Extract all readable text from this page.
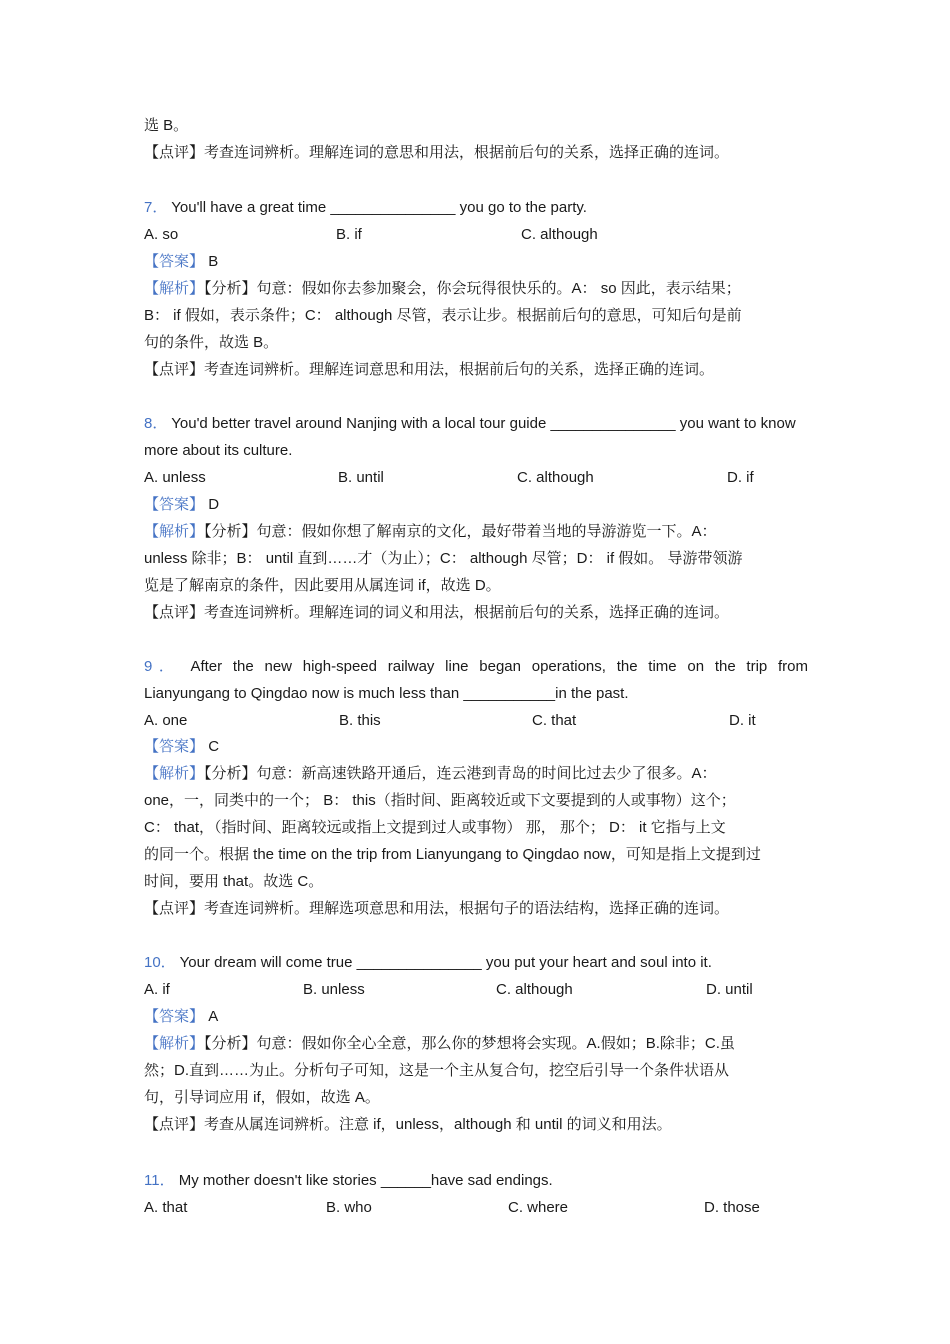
选 B。
【点评】考查连词辨析。理解连词的意思和用法，根据前后句的关系，选择正确的连词。
7． You'll have a great time _______________ you go to the party.
A. so	B. if	C. although
【答案】 B
【解析】【分析】句意：假如你去参加聚会，你会玩得很快乐的。A： so 因此，表示结果；
B： if 假如，表示条件；C： although 尽管，表示让步。根据前后句的意思，可知后句是前
句的条件，故选 B。
【点评】考查连词辨析。理解连词意思和用法，根据前后句的关系，选择正确的连词。
8． You'd better travel around Nanjing with a local tour guide _______________ you want to know
more about its culture.
A. unless	B. until	C. although	D. if
【答案】 D
【解析】【分析】句意：假如你想了解南京的文化，最好带着当地的导游游览一下。A：
unless 除非；B： until 直到……才（为止）；C： although 尽管；D： if 假如。 导游带领游
览是了解南京的条件，因此要用从属连词 if，故选 D。
【点评】考查连词辨析。理解连词的词义和用法，根据前后句的关系，选择正确的连词。
9． After the new high-speed railway line began operations, the time on the trip from
Lianyungang to Qingdao now is much less than ___________in the past.
A. one	B. this	C. that	D. it
【答案】 C
【解析】【分析】句意：新高速铁路开通后，连云港到青岛的时间比过去少了很多。A：
one，一，同类中的一个； B： this（指时间、距离较近或下文要提到的人或事物）这个；
C： that，（指时间、距离较远或指上文提到过人或事物） 那， 那个； D： it 它指与上文
的同一个。根据 the time on the trip from Lianyungang to Qingdao now，可知是指上文提到过
时间，要用 that。故选 C。
【点评】考查连词辨析。理解选项意思和用法，根据句子的语法结构，选择正确的连词。
10． Your dream will come true _______________ you put your heart and soul into it.
A. if	B. unless	C. although	D. until
【答案】 A
【解析】【分析】句意：假如你全心全意，那么你的梦想将会实现。A.假如；B.除非；C.虽
然；D.直到……为止。分析句子可知，这是一个主从复合句，挖空后引导一个条件状语从
句，引导词应用 if，假如，故选 A。
【点评】考查从属连词辨析。注意 if，unless，although 和 until 的词义和用法。
11． My mother doesn't like stories ______have sad endings.
A. that	B. who	C. where	D. those
